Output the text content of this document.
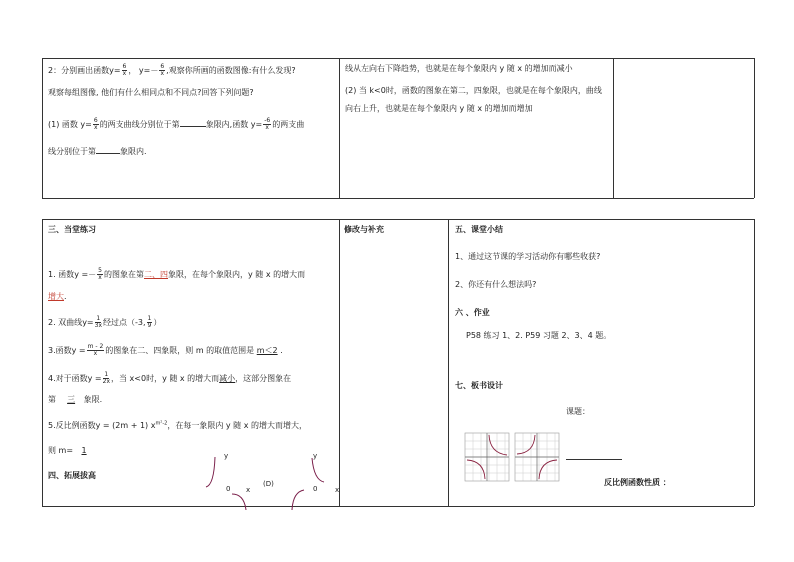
2：分别画出函数$y= \frac{6}{x}$ ， $y=- \frac{6}{x}$ ,观察你所画的函数图像:有什么发现?
观察每组图像, 他们有什么相同点和不同点?回答下列问题?
(1) 函数 $y= \frac{6}{x}$ 的两支曲线分别位于第	象限内,函数 $y= \frac{-6}{x}$ 的两支曲
线分别位于第	象限内.
线从左向右下降趋势，也就是在每个象限内 y 随 x 的增加而减小
(2) 当 k<0时，函数的图象在第二，四象限，也就是在每个象限内，曲线
向右上升，也就是在每个象限内 y 随 x 的增加而增加
三、当堂练习
1. 函数$y =- \frac{5}{x}$ 的图象在第二、四象限，在每个象限内，y 随 x 的增大而
增大.
2. 双曲线$y= \frac{1}{3x}$ 经过点（-3, $\frac{1}{9}$ ）
3.函数$y = \frac{m - 2}{x}$ 的图象在二、四象限，则 m 的取值范围是 m＜2 .
4.对于函数$y = \frac{1}{2x}$ ，当 x<0时，y 随 x 的增大而减小，这部分图象在
第 三 象限.
5.反比例函数y = (2m + 1) $x^{m^2-2}$，在每一象限内 y 随 x 的增大而增大，
则 m= 1
四、拓展拔高
y
0 x
(D)
y
0	x
修改与补充	五、课堂小结
1、通过这节课的学习活动你有哪些收获?
2、你还有什么想法吗?
六 、作业
P58 练习 1、2. P59 习题 2、3、4 题。
七、板书设计
课题：
反比例函数性质 ：
